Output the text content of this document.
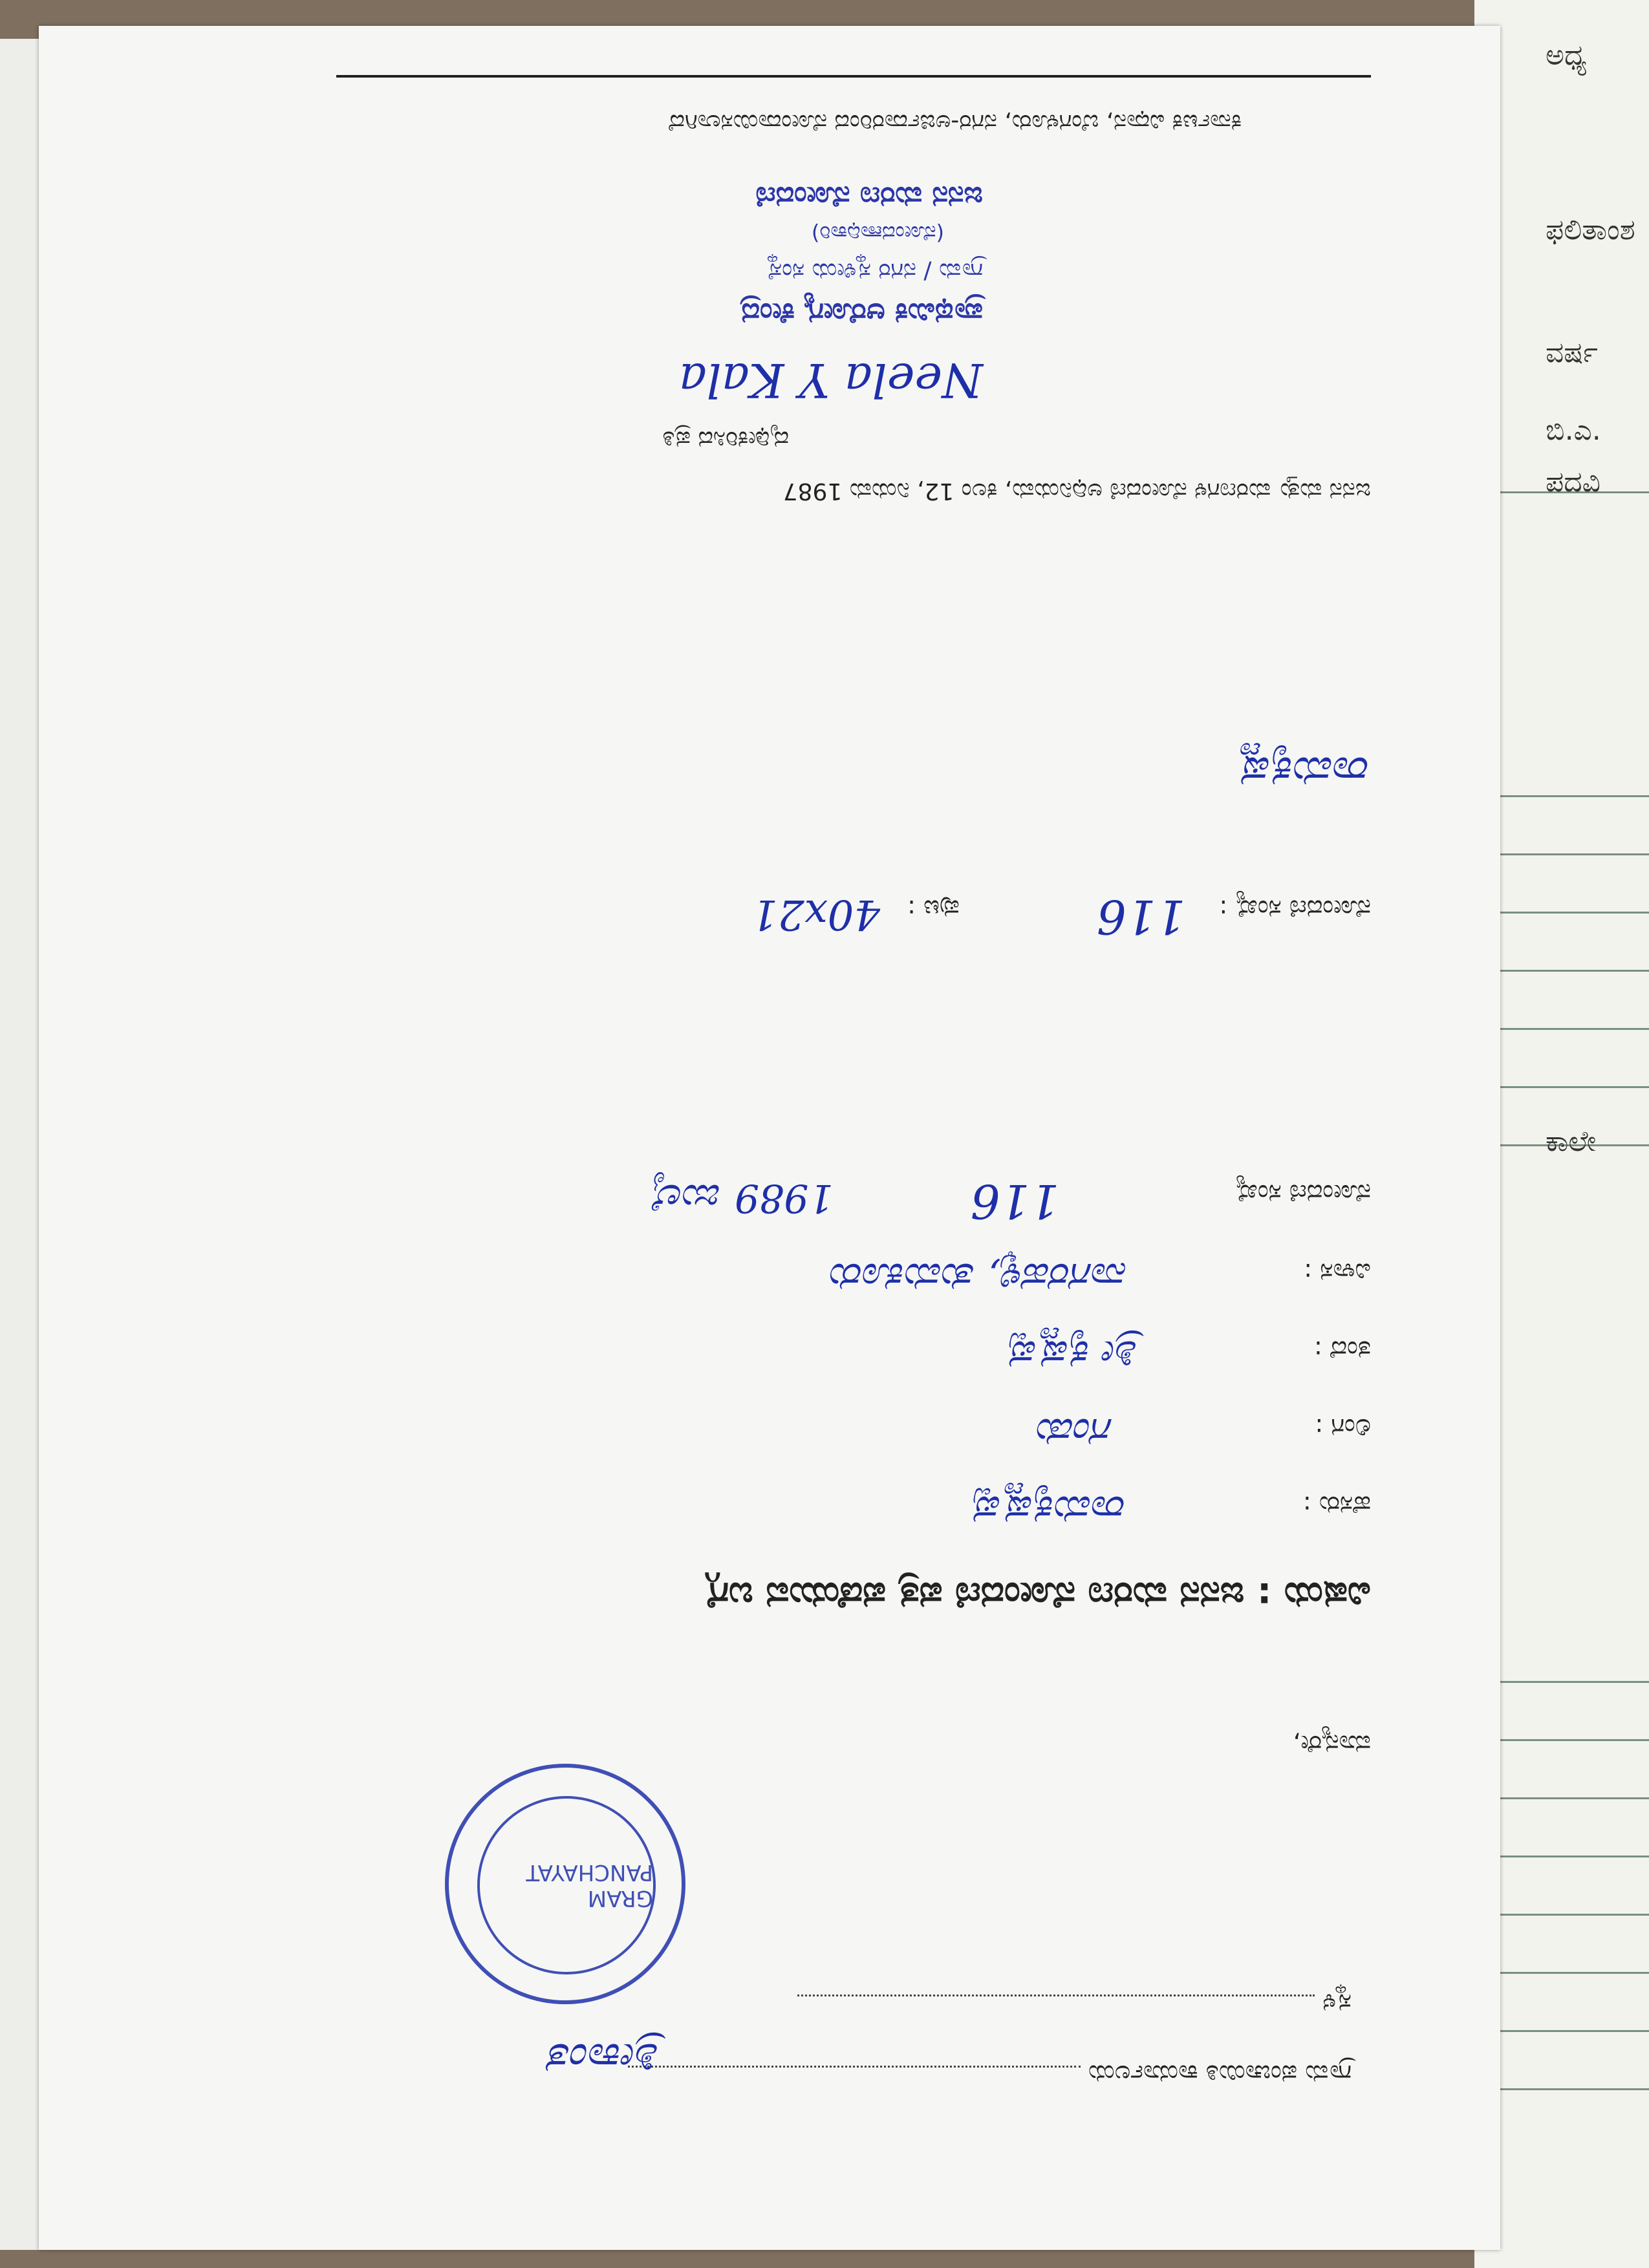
ಅಧ್ಯ
ಫಲಿತಾಂಶ
ವರ್ಷ
ಬಿ.ಎ.
ಪದವಿ
ಕಾಲೇ
ಗ್ರಾಮ ಪಂಚಾಯಿತಿ ಕಾರ್ಯಾಲಯ
ಸ್ಥಳ
ಶ್ರೀಕಾಂತ
GRAM PANCHAYAT
ಮಾನ್ಯರೇ,
ವಿಷಯ : ಜನನ ಮರಣ ನೋಂದಣಿ ಪತ್ರ ಪಡೆಯುವ ಬಗ್ಗೆ
ಹೆಸರು : ರಾಮಕೃಷ್ಣಪ್ಪ
ಲಿಂಗ : ಗಂಡು
ತಂದೆ : ಶ್ರೀ ಕೃಷ್ಣಪ್ಪ
ವಿಳಾಸ : ನಾಗರಹಳ್ಳಿ, ತುಮಕೂರು
ನೋಂದಣಿ ಸಂಖ್ಯೆ 116 1989 ಜುಲೈ
ನೋಂದಣಿ ಸಂಖ್ಯೆ : 116 ಪುಟ : 40x21
ರಾಮಕೃಷ್ಣ
ಜನನ ಮತ್ತು ಮರಣಗಳ ನೋಂದಣಿ ಅಧಿನಿಯಮ, ಕಲಂ 12, ನಿಯಮ 1987
ದೃಢೀಕರಿಸಿದ ಪ್ರತಿ
Neela Y Kala
ಪ್ರಾಥಮಿಕ ಆರೋಗ್ಯ ಕೇಂದ್ರ
ಗ್ರಾಮ / ನಗರ ಸ್ಥಳೀಯ ಸಂಸ್ಥೆ
(ನೋಂದಣಾಧಿಕಾರಿ)
ಜನನ ಮರಣ ನೋಂದಣಿ
ಕರ್ನಾಟಕ ವಿಧಾನ, ಬೆಂಗಳೂರು, ನಗರ-ಅರ್ಜಿದಾರರಿಂದ ನೋಂದಾಯಿಸಲಾಗಿದೆ
